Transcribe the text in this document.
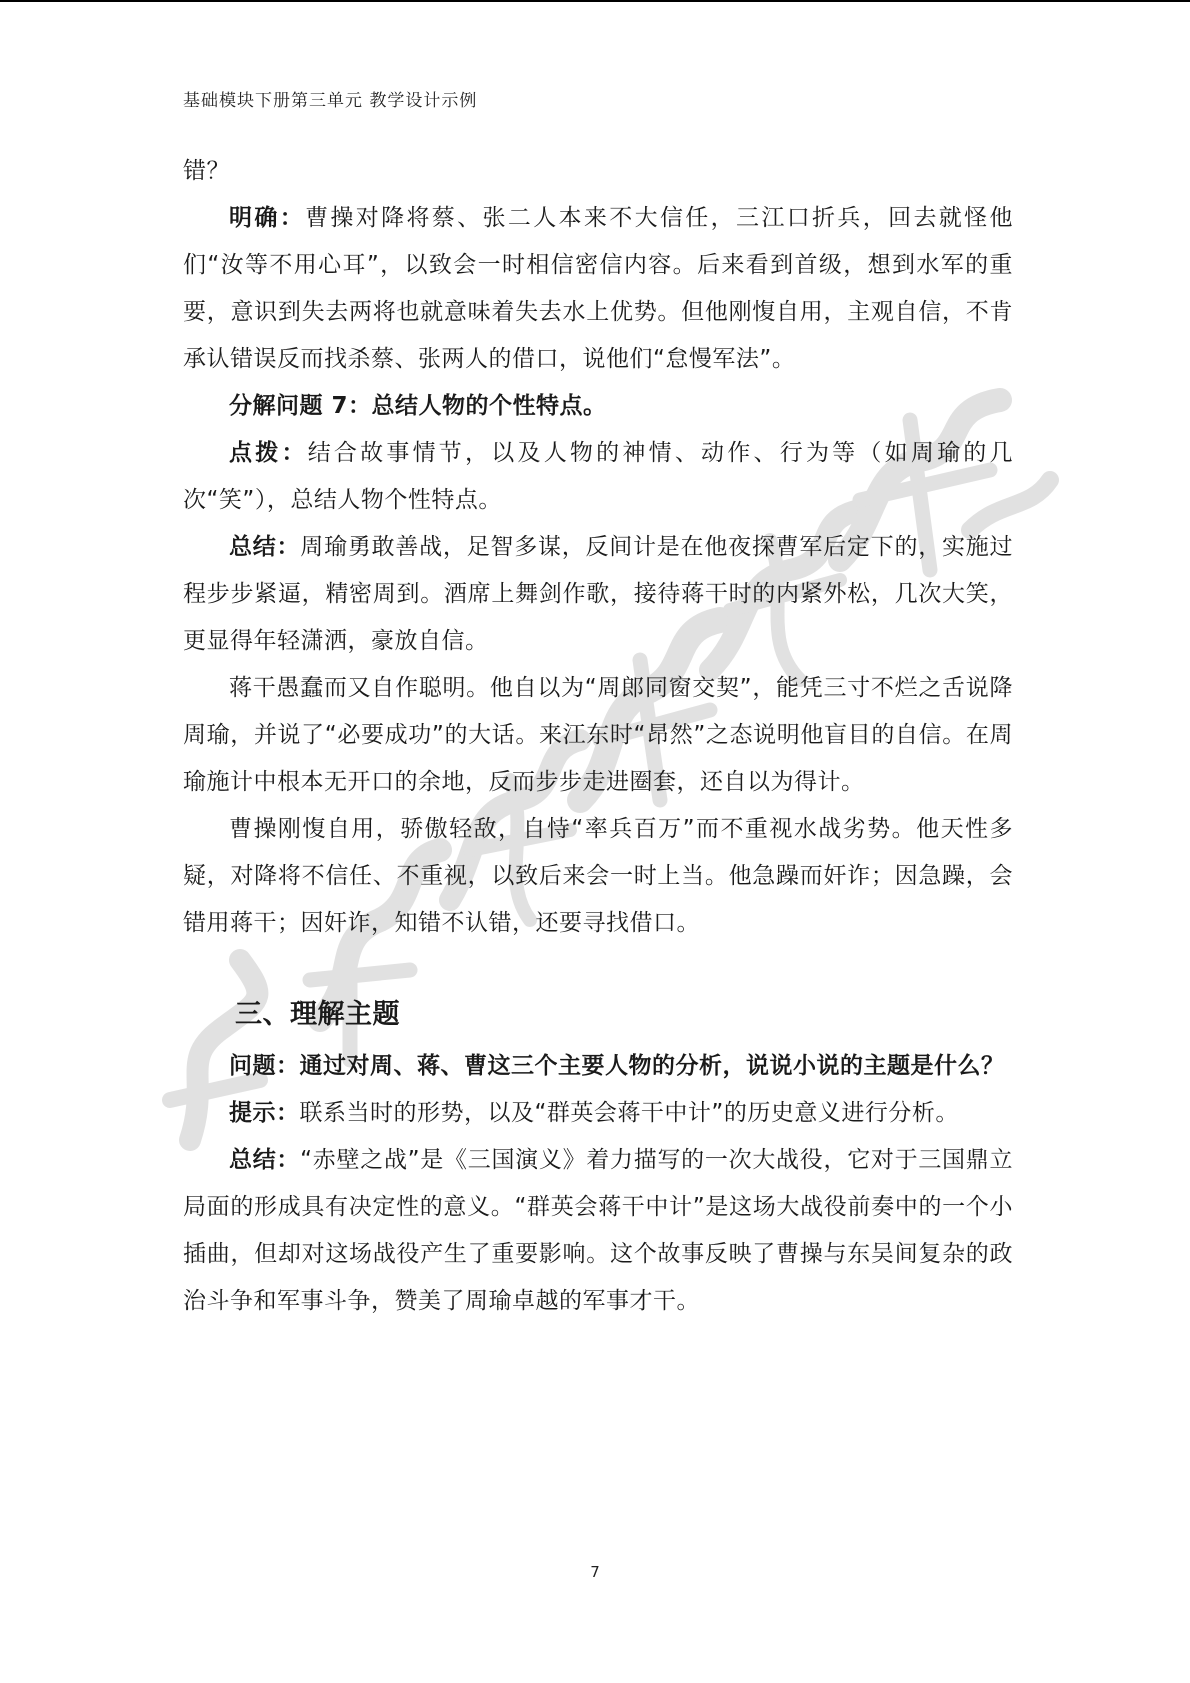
基础模块下册第三单元 教学设计示例

错？

明确：曹操对降将蔡、张二人本来不大信任，三江口折兵，回去就怪他们“汝等不用心耳”，以致会一时相信密信内容。后来看到首级，想到水军的重要，意识到失去两将也就意味着失去水上优势。但他刚愎自用，主观自信，不肯承认错误反而找杀蔡、张两人的借口，说他们“怠慢军法”。

分解问题 7：总结人物的个性特点。

点拨：结合故事情节，以及人物的神情、动作、行为等（如周瑜的几次“笑”），总结人物个性特点。

总结：周瑜勇敢善战，足智多谋，反间计是在他夜探曹军后定下的，实施过程步步紧逼，精密周到。酒席上舞剑作歌，接待蒋干时的内紧外松，几次大笑，更显得年轻潇洒，豪放自信。

蒋干愚蠢而又自作聪明。他自以为“周郎同窗交契”，能凭三寸不烂之舌说降周瑜，并说了“必要成功”的大话。来江东时“昂然”之态说明他盲目的自信。在周瑜施计中根本无开口的余地，反而步步走进圈套，还自以为得计。

曹操刚愎自用，骄傲轻敌，自恃“率兵百万”而不重视水战劣势。他天性多疑，对降将不信任、不重视，以致后来会一时上当。他急躁而奸诈；因急躁，会错用蒋干；因奸诈，知错不认错，还要寻找借口。

三、理解主题

问题：通过对周、蒋、曹这三个主要人物的分析，说说小说的主题是什么？

提示：联系当时的形势，以及“群英会蒋干中计”的历史意义进行分析。

总结：“赤壁之战”是《三国演义》着力描写的一次大战役，它对于三国鼎立局面的形成具有决定性的意义。“群英会蒋干中计”是这场大战役前奏中的一个小插曲，但却对这场战役产生了重要影响。这个故事反映了曹操与东吴间复杂的政治斗争和军事斗争，赞美了周瑜卓越的军事才干。

7
